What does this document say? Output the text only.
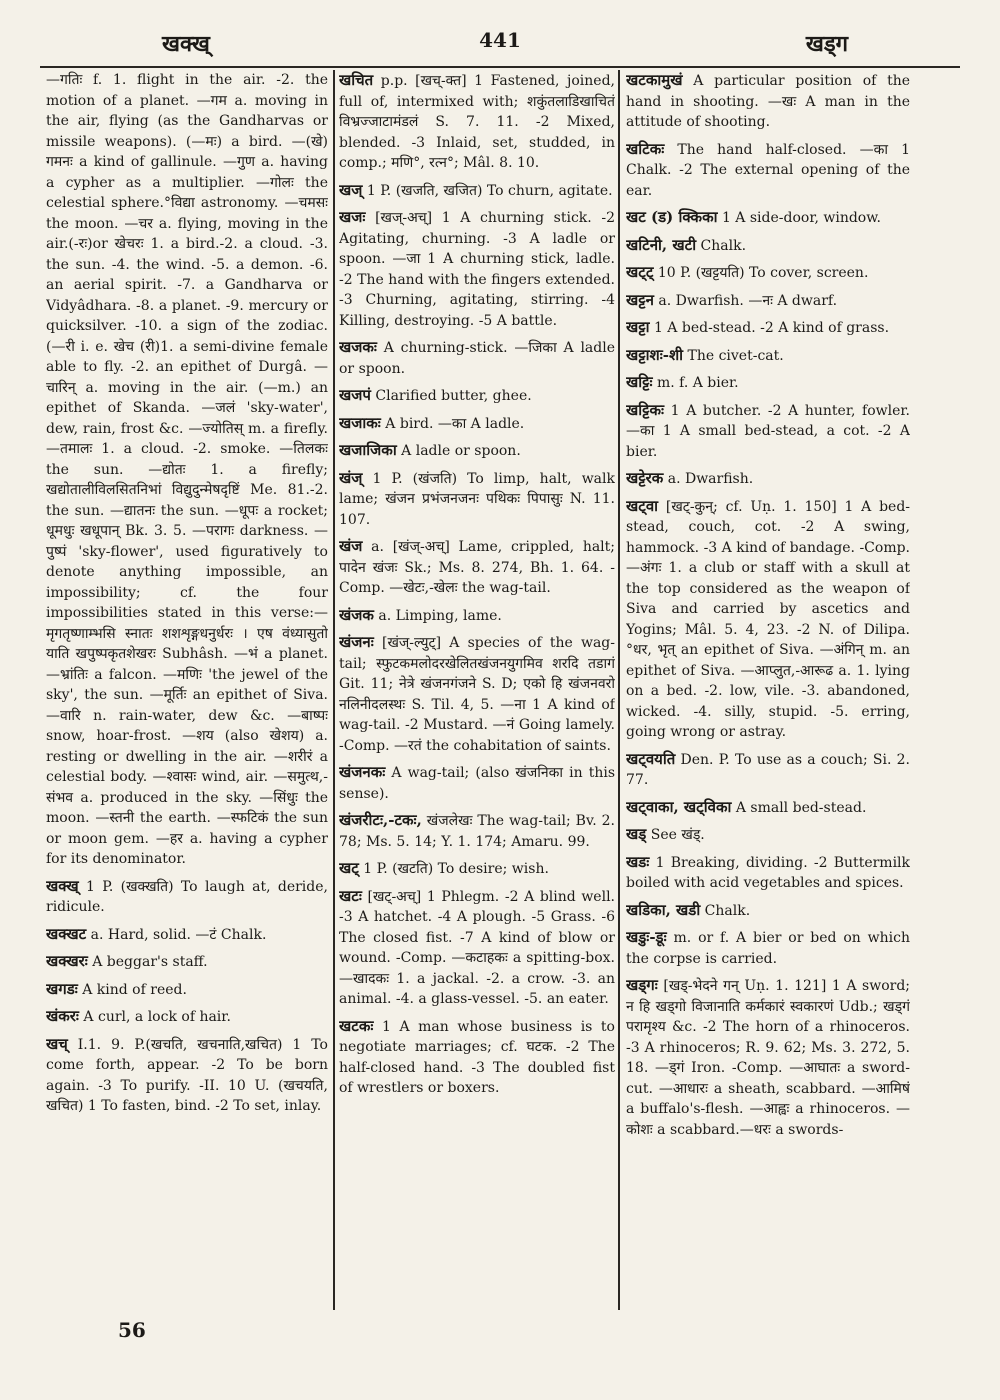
खक्ख्	441	खड्ग

—गतिः f. 1. flight in the air. -2. the motion of a planet. —गम a. moving in the air, flying (as the Gandharvas or missile weapons). (—मः) a bird. —(खे) गमनः a kind of gallinule. —गुण a. having a cypher as a multiplier. —गोलः the celestial sphere.°विद्या astronomy. —चमसः the moon. —चर a. flying, moving in the air.(-रः)or खेचरः 1. a bird.-2. a cloud. -3. the sun. -4. the wind. -5. a demon. -6. an aerial spirit. -7. a Gandharva or Vidyâdhara. -8. a planet. -9. mercury or quicksilver. -10. a sign of the zodiac. (—री i. e. खेच (री)1. a semi-divine female able to fly. -2. an epithet of Durgâ. —चारिन् a. moving in the air. (—m.) an epithet of Skanda. —जलं 'sky-water', dew, rain, frost &c. —ज्योतिस् m. a firefly. —तमालः 1. a cloud. -2. smoke. —तिलकः the sun. —द्योतः 1. a firefly; खद्योतालीविलसितनिभां विद्युदुन्मेषदृष्टिं Me. 81.-2. the sun. —द्यातनः the sun. —धूपः a rocket; धूमधुः खधूपान् Bk. 3. 5. —परागः darkness. —पुष्पं 'sky-flower', used figuratively to denote anything impossible, an impossibility; cf. the four impossibilities stated in this verse:— मृगतृष्णाम्भसि स्नातः शशशृङ्गधनुर्धरः । एष वंध्यासुतो याति खपुष्पकृतशेखरः Subhâsh. —भं a planet. —भ्रांतिः a falcon. —मणिः 'the jewel of the sky', the sun. —मूर्तिः an epithet of Siva. —वारि n. rain-water, dew &c. —बाष्पः snow, hoar-frost. —शय (also खेशय) a. resting or dwelling in the air. —शरीरं a celestial body. —श्वासः wind, air. —समुत्थ,-संभव a. produced in the sky. —सिंधुः the moon. —स्तनी the earth. —स्फटिकं the sun or moon gem. —हर a. having a cypher for its denominator.

खक्ख् 1 P. (खक्खति) To laugh at, deride, ridicule.

खक्खट a. Hard, solid. —टं Chalk.

खक्खरः A beggar's staff.

खगडः A kind of reed.

खंकरः A curl, a lock of hair.

खच् I.1. 9. P.(खचति, खचनाति,खचित) 1 To come forth, appear. -2 To be born again. -3 To purify. -II. 10 U. (खचयति, खचित) 1 To fasten, bind. -2 To set, inlay.

खचित p.p. [खच्-क्त] 1 Fastened, joined, full of, intermixed with; शकुंतलाडिखाचितं विभ्रज्जाटामंडलं S. 7. 11. -2 Mixed, blended. -3 Inlaid, set, studded, in comp.; मणि°, रत्न°; Mâl. 8. 10.

खज् 1 P. (खजति, खजित) To churn, agitate.

खजः [खज्-अच्] 1 A churning stick. -2 Agitating, churning. -3 A ladle or spoon. —जा 1 A churning stick, ladle. -2 The hand with the fingers extended. -3 Churning, agitating, stirring. -4 Killing, destroying. -5 A battle.

खजकः A churning-stick. —जिका A ladle or spoon.

खजपं Clarified butter, ghee.

खजाकः A bird. —का A ladle.

खजाजिका A ladle or spoon.

खंज् 1 P. (खंजति) To limp, halt, walk lame; खंजन प्रभंजनजनः पथिकः पिपासुः N. 11. 107.

खंज a. [खंज्-अच्] Lame, crippled, halt; पादेन खंजः Sk.; Ms. 8. 274, Bh. 1. 64. -Comp. —खेटः,-खेलः the wag-tail.

खंजक a. Limping, lame.

खंजनः [खंज्-ल्युट्] A species of the wag-tail; स्फुटकमलोदरखेलितखंजनयुगमिव शरदि तडागं Git. 11; नेत्रे खंजनगंजने S. D; एको हि खंजनवरो नलिनीदलस्थः S. Til. 4, 5. —ना 1 A kind of wag-tail. -2 Mustard. —नं Going lamely. -Comp. —रतं the cohabitation of saints.

खंजनकः A wag-tail; (also खंजनिका in this sense).

खंजरीटः,-टकः, खंजलेखः The wag-tail; Bv. 2. 78; Ms. 5. 14; Y. 1. 174; Amaru. 99.

खट् 1 P. (खटति) To desire; wish.

खटः [खट्-अच्] 1 Phlegm. -2 A blind well. -3 A hatchet. -4 A plough. -5 Grass. -6 The closed fist. -7 A kind of blow or wound. -Comp. —कटाहकः a spitting-box. —खादकः 1. a jackal. -2. a crow. -3. an animal. -4. a glass-vessel. -5. an eater.

खटकः 1 A man whose business is to negotiate marriages; cf. घटक. -2 The half-closed hand. -3 The doubled fist of wrestlers or boxers.

खटकामुखं A particular position of the hand in shooting. —खः A man in the attitude of shooting.

खटिकः The hand half-closed. —का 1 Chalk. -2 The external opening of the ear.

खट (ड) क्किका 1 A side-door, window.

खटिनी, खटी Chalk.

खट्ट् 10 P. (खट्टयति) To cover, screen.

खट्टन a. Dwarfish. —नः A dwarf.

खट्टा 1 A bed-stead. -2 A kind of grass.

खट्टाशः-शी The civet-cat.

खट्टिः m. f. A bier.

खट्टिकः 1 A butcher. -2 A hunter, fowler. —का 1 A small bed-stead, a cot. -2 A bier.

खट्टेरक a. Dwarfish.

खट्वा [खट्-कुन्; cf. Uṇ. 1. 150] 1 A bed-stead, couch, cot. -2 A swing, hammock. -3 A kind of bandage. -Comp. —अंगः 1. a club or staff with a skull at the top considered as the weapon of Siva and carried by ascetics and Yogins; Mâl. 5. 4, 23. -2 N. of Dilipa. °धर, भृत् an epithet of Siva. —अंगिन् m. an epithet of Siva. —आप्लुत,-आरूढ a. 1. lying on a bed. -2. low, vile. -3. abandoned, wicked. -4. silly, stupid. -5. erring, going wrong or astray.

खट्वयति Den. P. To use as a couch; Si. 2. 77.

खट्वाका, खट्विका A small bed-stead.

खड् See खंड्.

खडः 1 Breaking, dividing. -2 Buttermilk boiled with acid vegetables and spices.

खडिका, खडी Chalk.

खडुः-डूः m. or f. A bier or bed on which the corpse is carried.

खड्गः [खड्-भेदने गन् Uṇ. 1. 121] 1 A sword; न हि खड्गो विजानाति कर्मकारं स्वकारणं Udb.; खड्गं परामृश्य &c. -2 The horn of a rhinoceros. -3 A rhinoceros; R. 9. 62; Ms. 3. 272, 5. 18. —ड्गं Iron. -Comp. —आघातः a sword-cut. —आधारः a sheath, scabbard. —आमिषं a buffalo's-flesh. —आह्वः a rhinoceros. —कोशः a scabbard.—धरः a swords-

56
